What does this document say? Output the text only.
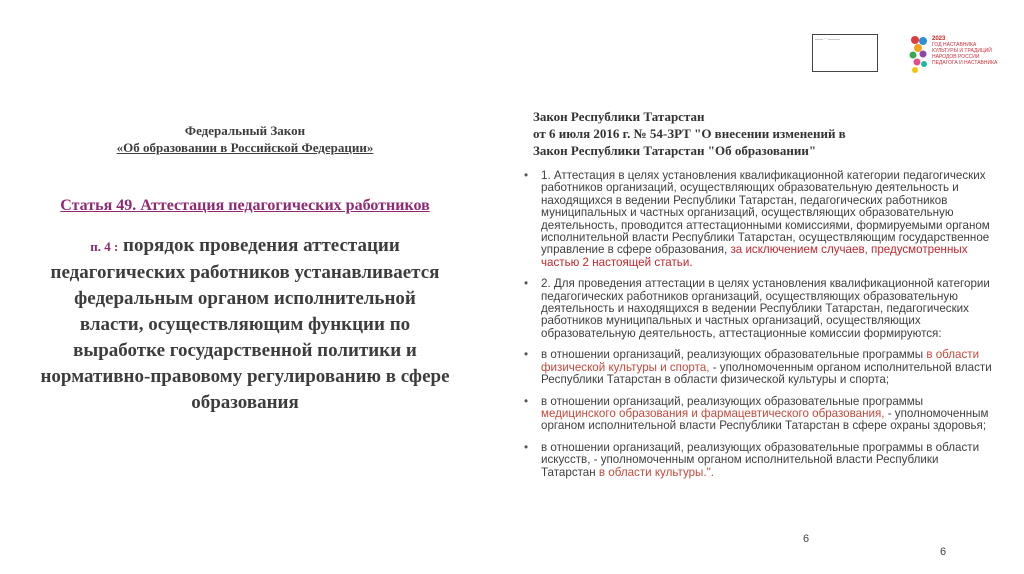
—— ·· ———	2023
ГОД НАСТАВНИКА
КУЛЬТУРЫ И ТРАДИЦИЙ
НАРОДОВ РОССИИ
ПЕДАГОГА И НАСТАВНИКА
Федеральный Закон

«Об образовании в Российской Федерации»
Статья 49. Аттестация педагогических работников
п. 4 : порядок проведения аттестации педагогических работников устанавливается федеральным органом исполнительной власти, осуществляющим функции по выработке государственной политики и нормативно-правовому регулированию в сфере образования
Закон Республики Татарстан
от 6 июля 2016 г. № 54-ЗРТ "О внесении изменений в
Закон Республики Татарстан "Об образовании"
• 1. Аттестация в целях установления квалификационной категории педагогических работников организаций, осуществляющих образовательную деятельность и находящихся в ведении Республики Татарстан, педагогических работников муниципальных и частных организаций, осуществляющих образовательную деятельность, проводится аттестационными комиссиями, формируемыми органом исполнительной власти Республики Татарстан, осуществляющим государственное управление в сфере образования, за исключением случаев, предусмотренных частью 2 настоящей статьи.
• 2. Для проведения аттестации в целях установления квалификационной категории педагогических работников организаций, осуществляющих образовательную деятельность и находящихся в ведении Республики Татарстан, педагогических работников муниципальных и частных организаций, осуществляющих образовательную деятельность, аттестационные комиссии формируются:
• в отношении организаций, реализующих образовательные программы в области физической культуры и спорта, - уполномоченным органом исполнительной власти Республики Татарстан в области физической культуры и спорта;
• в отношении организаций, реализующих образовательные программы медицинского образования и фармацевтического образования, - уполномоченным органом исполнительной власти Республики Татарстан в сфере охраны здоровья;
• в отношении организаций, реализующих образовательные программы в области искусств, - уполномоченным органом исполнительной власти Республики Татарстан в области культуры.".
6
6
